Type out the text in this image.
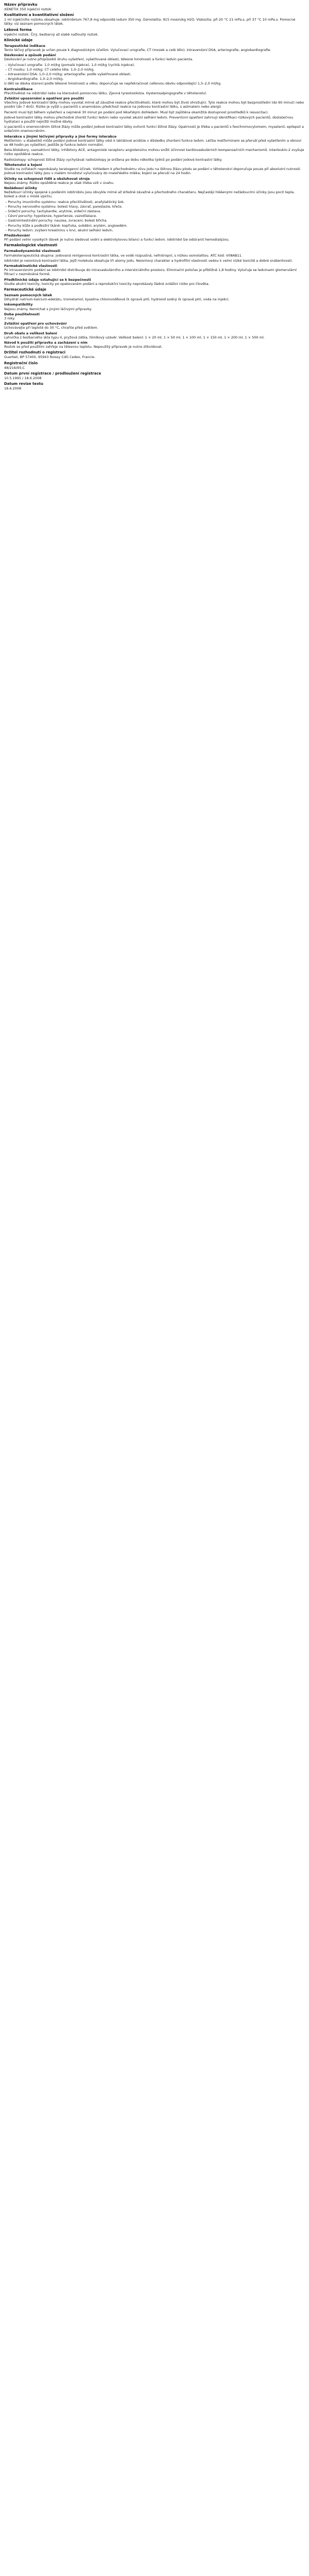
Název přípravku
XENETIX 350 injekční roztok
Kvalitativní a kvantitativní složení
1 ml injekčního roztoku obsahuje: iobitridolum 767,8 mg odpovídá iodum 350 mg. Osmolalita: 915 mosm/kg H2O. Viskozita: při 20 °C 21 mPa.s, při 37 °C 10 mPa.s. Pomocné látky: viz seznam pomocných látek.
Léková forma
Injekční roztok. Čirý, bezbarvý až slabě nažloutlý roztok.
Klinické údaje
Terapeutické indikace
Tento léčivý přípravek je určen pouze k diagnostickým účelům. Vylučovací urografie, CT (mozek a celé tělo), intravenózní DSA, arteriografie, angiokardiografie.
Dávkování a způsob podání
Dávkování je nutno přizpůsobit druhu vyšetření, vyšetřované oblasti, tělesné hmotnosti a funkci ledvin pacienta.
– Vylučovací urografie: 1,0 ml/kg (pomalá injekce), 1,0 ml/kg (rychlá injekce).
– CT mozku: 1,0 ml/kg; CT celého těla: 1,0–2,0 ml/kg.
– Intravenózní DSA: 1,0–2,0 ml/kg; arteriografie: podle vyšetřované oblasti.
– Angiokardiografie: 1,0–2,0 ml/kg.
U dětí se dávka stanoví podle tělesné hmotnosti a věku; doporučuje se nepřekračovat celkovou dávku odpovídající 1,5–2,0 ml/kg.
Kontraindikace
Přecitlivělost na iobitridol nebo na kteroukoli pomocnou látku. Zjevná tyreotoxikóza. Hysterosalpingografie v těhotenství.
Zvláštní upozornění a opatření pro použití
Všechny jodové kontrastní látky mohou vyvolat mírné až závažné reakce přecitlivělosti, které mohou být život ohrožující. Tyto reakce mohou být bezprostřední (do 60 minut) nebo pozdní (do 7 dnů). Riziko je vyšší u pacientů s anamnézou předchozí reakce na jodovou kontrastní látku, s astmatem nebo alergií.
Pacienti musí být během vyšetření a nejméně 30 minut po podání pod lékařským dohledem. Musí být zajištěna okamžitá dostupnost prostředků k resuscitaci.
Jodové kontrastní látky mohou přechodně zhoršit funkci ledvin nebo vyvolat akutní selhání ledvin. Preventivní opatření zahrnují identifikaci rizikových pacientů, dostatečnou hydrataci a použití nejnižší možné dávky.
U pacientů s onemocněním štítné žlázy může podání jodové kontrastní látky ovlivnit funkci štítné žlázy. Opatrnosti je třeba u pacientů s feochromocytomem, myastenií, epilepsií a srdečním onemocněním.
Interakce s jinými léčivými přípravky a jiné formy interakce
Metformin: u diabetiků může podání jodové kontrastní látky vést k laktátové acidóze v důsledku zhoršení funkce ledvin. Léčba metforminem se přeruší před vyšetřením a obnoví se 48 hodin po vyšetření, jestliže je funkce ledvin normální.
Beta-blokátory, vazoaktivní látky, inhibitory ACE, antagonisté receptoru angiotenzinu mohou snížit účinnost kardiovaskulárních kompenzačních mechanismů. Interleukin-2 zvyšuje riziko opožděné reakce.
Radioizotopy: schopnost štítné žlázy vychytávat radioizotopy je snížena po dobu několika týdnů po podání jodové kontrastní látky.
Těhotenství a kojení
Studie na zvířatech neprokázaly teratogenní účinek. Vzhledem k přechodnému vlivu jodu na štítnou žlázu plodu se podání v těhotenství doporučuje pouze při absolutní nutnosti. Jodové kontrastní látky jsou v malém množství vylučovány do mateřského mléka; kojení se přeruší na 24 hodin.
Účinky na schopnost řídit a obsluhovat stroje
Nejsou známy. Riziko opožděné reakce je však třeba vzít v úvahu.
Nežádoucí účinky
Nežádoucí účinky spojené s podáním iobitridolu jsou obvykle mírné až středně závažné a přechodného charakteru. Nejčastěji hlášenými nežádoucími účinky jsou pocit tepla, bolest a otok v místě vpichu.
– Poruchy imunitního systému: reakce přecitlivělosti, anafylaktický šok.
– Poruchy nervového systému: bolest hlavy, závrať, parestezie, křeče.
– Srdeční poruchy: tachykardie, arytmie, srdeční zástava.
– Cévní poruchy: hypotenze, hypertenze, vazodilatace.
– Gastrointestinální poruchy: nauzea, zvracení, bolest břicha.
– Poruchy kůže a podkožní tkáně: kopřivka, svědění, erytém, angioedém.
– Poruchy ledvin: zvýšení kreatininu v krvi, akutní selhání ledvin.
Předávkování
Při podání velmi vysokých dávek je nutno sledovat vodní a elektrolytovou bilanci a funkci ledvin. Iobitridol lze odstranit hemodialýzou.
Farmakologické vlastnosti
Farmakodynamické vlastnosti
Farmakoterapeutická skupina: jodovaná rentgenová kontrastní látka, ve vodě rozpustná, nefrotropní, s nízkou osmolalitou. ATC kód: V08AB11.
Iobitridol je neiontová kontrastní látka, jejíž molekula obsahuje tři atomy jodu. Neiontový charakter a hydrofilní vlastnosti vedou k velmi nízké toxicitě a dobré snášenlivosti.
Farmakokinetické vlastnosti
Po intravenózním podání se iobitridol distribuuje do intravaskulárního a intersticiálního prostoru. Eliminační poločas je přibližně 1,8 hodiny. Vylučuje se ledvinami glomerulární filtrací v nezměněné formě.
Předklinické údaje vztahující se k bezpečnosti
Studie akutní toxicity, toxicity po opakovaném podání a reprodukční toxicity neprokázaly žádné zvláštní riziko pro člověka.
Farmaceutické údaje
Seznam pomocných látek
Dihydrát natrium-kalcium-edetátu, trometamol, kyselina chlorovodíková (k úpravě pH), hydroxid sodný (k úpravě pH), voda na injekci.
Inkompatibility
Nejsou známy. Nemíchat s jinými léčivými přípravky.
Doba použitelnosti
3 roky.
Zvláštní opatření pro uchovávání
Uchovávejte při teplotě do 30 °C, chraňte před světlem.
Druh obalu a velikost balení
Lahvička z bezbarvého skla typu II, pryžová zátka, hliníkový uzávěr. Velikost balení: 1 × 20 ml, 1 × 50 ml, 1 × 100 ml, 1 × 150 ml, 1 × 200 ml, 1 × 500 ml.
Návod k použití přípravku a zacházení s ním
Roztok se před použitím zahřeje na tělesnou teplotu. Nepoužitý přípravek je nutno zlikvidovat.
Držitel rozhodnutí o registraci
Guerbet, BP 57400, 95943 Roissy CdG Cedex, Francie.
Registrační číslo
48/216/95-C
Datum první registrace / prodloužení registrace
10.5.1995 / 18.6.2008
Datum revize textu
18.6.2008
